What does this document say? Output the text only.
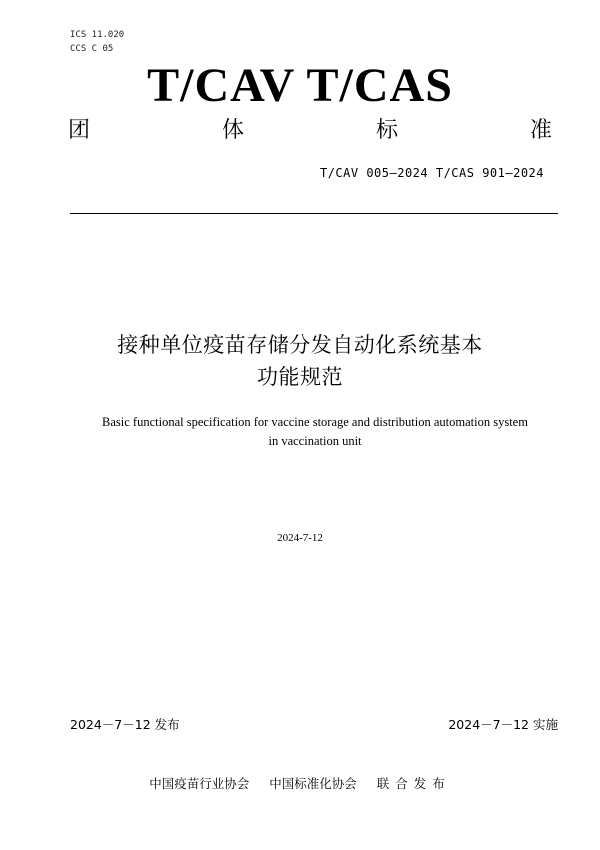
ICS 11.020
CCS C 05
T/CAV T/CAS
团	体	标	准
T/CAV 005—2024 T/CAS 901—2024
接种单位疫苗存储分发自动化系统基本
功能规范
Basic functional specification for vaccine storage and distribution automation system
in vaccination unit
2024-7-12
2024－7－12 发布	2024－7－12 实施
中国疫苗行业协会 中国标准化协会 联合发布
